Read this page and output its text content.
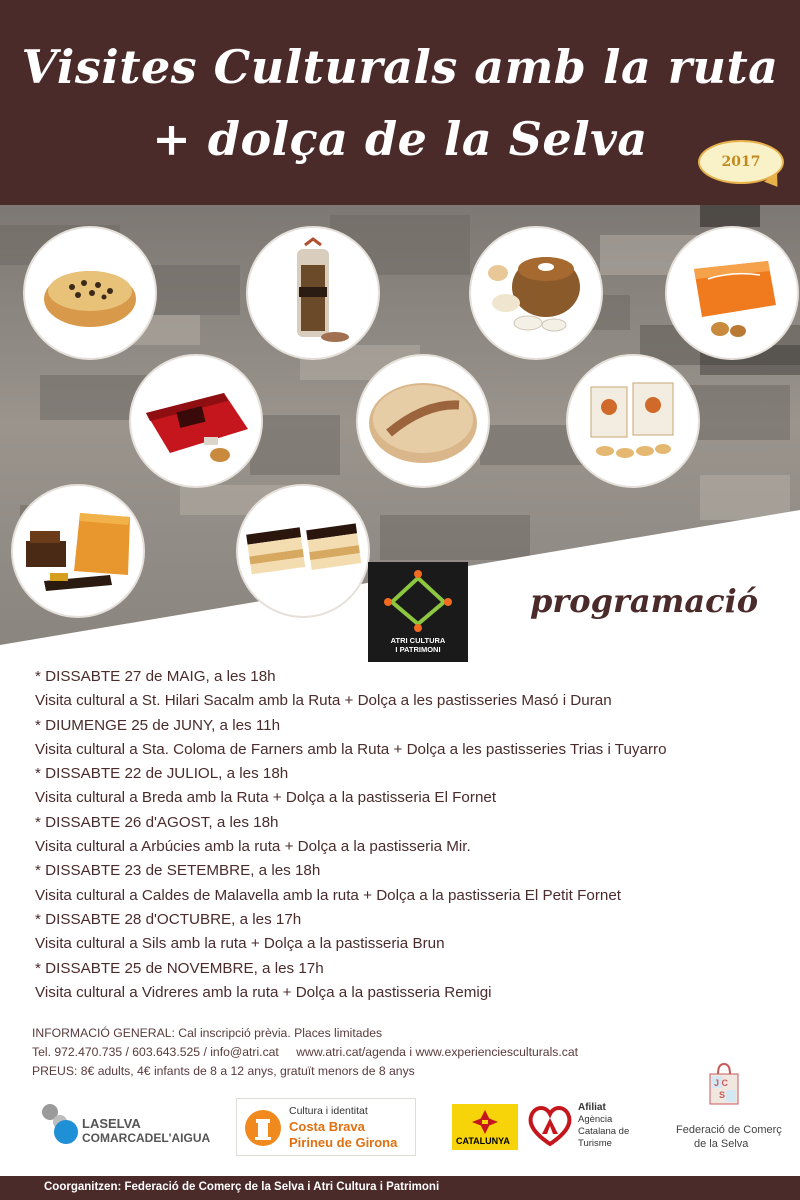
Visites Culturals amb la ruta
+ dolça de la Selva	2017
ATRI CULTURA
I PATRIMONI
programació
* DISSABTE 27 de MAIG, a les 18h
Visita cultural a St. Hilari Sacalm amb la Ruta + Dolça a les pastisseries Masó i Duran
* DIUMENGE 25 de JUNY, a les 11h
Visita cultural a Sta. Coloma de Farners amb la Ruta + Dolça a les pastisseries Trias i Tuyarro
* DISSABTE 22 de JULIOL, a les 18h
Visita cultural a Breda amb la Ruta + Dolça a la pastisseria El Fornet
* DISSABTE 26 d'AGOST, a les 18h
Visita cultural a Arbúcies amb la ruta + Dolça a la pastisseria Mir.
* DISSABTE 23 de SETEMBRE, a les 18h
Visita cultural a Caldes de Malavella amb la ruta + Dolça a la pastisseria El Petit Fornet
* DISSABTE 28 d'OCTUBRE, a les 17h
Visita cultural a Sils amb la ruta + Dolça a la pastisseria Brun
* DISSABTE 25 de NOVEMBRE, a les 17h
Visita cultural a Vidreres amb la ruta + Dolça a la pastisseria Remigi
INFORMACIÓ GENERAL: Cal inscripció prèvia. Places limitades
Tel. 972.470.735 / 603.643.525 / info@atri.cat www.atri.cat/agenda i www.experienciesculturals.cat
PREUS: 8€ adults, 4€ infants de 8 a 12 anys, gratuït menors de 8 anys
LASELVA
COMARCADEL'AIGUA
Cultura i identitat
Costa Brava
Pirineu de Girona	CATALUNYA
Afiliat
Agència
Catalana de
Turisme
J C
S
Federació de Comerç
de la Selva
Coorganitzen: Federació de Comerç de la Selva i Atri Cultura i Patrimoni
